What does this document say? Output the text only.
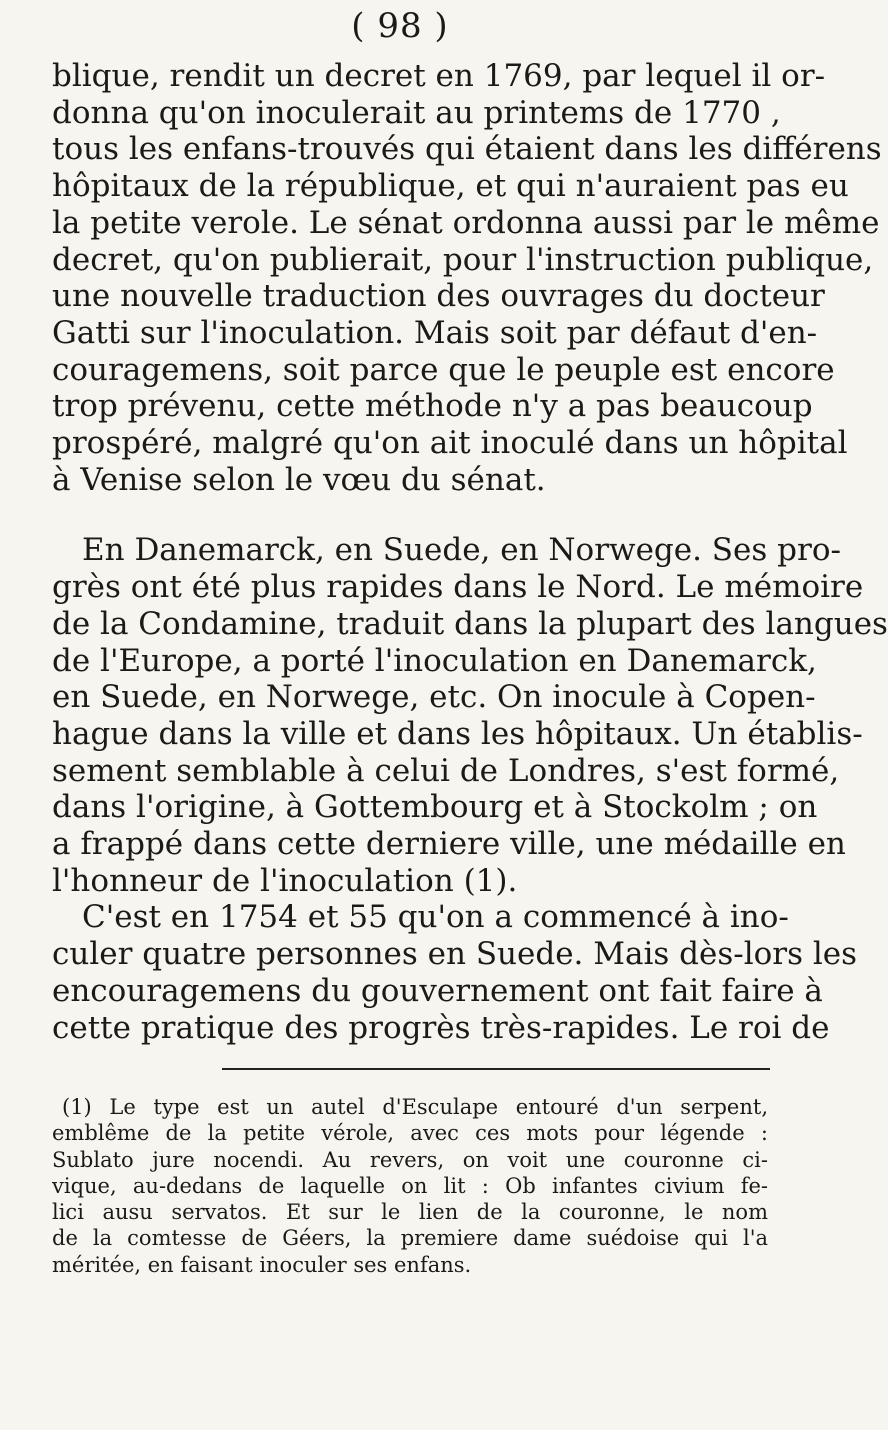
( 98 )
blique, rendit un decret en 1769, par lequel il or-
donna qu'on inoculerait au printems de 1770 ,
tous les enfans-trouvés qui étaient dans les différens
hôpitaux de la république, et qui n'auraient pas eu
la petite verole. Le sénat ordonna aussi par le même
decret, qu'on publierait, pour l'instruction publique,
une nouvelle traduction des ouvrages du docteur
Gatti sur l'inoculation. Mais soit par défaut d'en-
couragemens, soit parce que le peuple est encore
trop prévenu, cette méthode n'y a pas beaucoup
prospéré, malgré qu'on ait inoculé dans un hôpital
à Venise selon le vœu du sénat.
En Danemarck, en Suede, en Norwege. Ses pro-
grès ont été plus rapides dans le Nord. Le mémoire
de la Condamine, traduit dans la plupart des langues
de l'Europe, a porté l'inoculation en Danemarck,
en Suede, en Norwege, etc. On inocule à Copen-
hague dans la ville et dans les hôpitaux. Un établis-
sement semblable à celui de Londres, s'est formé,
dans l'origine, à Gottembourg et à Stockolm ; on
a frappé dans cette derniere ville, une médaille en
l'honneur de l'inoculation (1).
C'est en 1754 et 55 qu'on a commencé à ino-
culer quatre personnes en Suede. Mais dès-lors les
encouragemens du gouvernement ont fait faire à
cette pratique des progrès très-rapides. Le roi de
(1) Le type est un autel d'Esculape entouré d'un serpent,
emblême de la petite vérole, avec ces mots pour légende :
Sublato jure nocendi. Au revers, on voit une couronne ci-
vique, au-dedans de laquelle on lit : Ob infantes civium fe-
lici ausu servatos. Et sur le lien de la couronne, le nom
de la comtesse de Géers, la premiere dame suédoise qui l'a
méritée, en faisant inoculer ses enfans.
